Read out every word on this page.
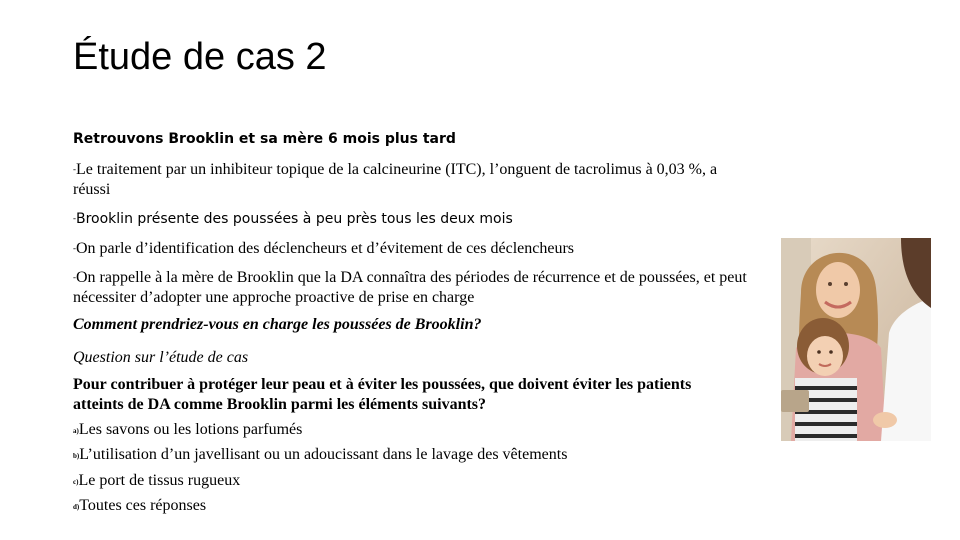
Étude de cas 2

Retrouvons Brooklin et sa mère 6 mois plus tard

-Le traitement par un inhibiteur topique de la calcineurine (ITC), l’onguent de tacrolimus à 0,03 %, a réussi
-Brooklin présente des poussées à peu près tous les deux mois
-On parle d’identification des déclencheurs et d’évitement de ces déclencheurs
-On rappelle à la mère de Brooklin que la DA connaîtra des périodes de récurrence et de poussées, et peut nécessiter d’adopter une approche proactive de prise en charge
Comment prendriez-vous en charge les poussées de Brooklin?
Question sur l’étude de cas
Pour contribuer à protéger leur peau et à éviter les poussées, que doivent éviter les patients atteints de DA comme Brooklin parmi les éléments suivants?
a)Les savons ou les lotions parfumés
b)L’utilisation d’un javellisant ou un adoucissant dans le lavage des vêtements
c)Le port de tissus rugueux
d)Toutes ces réponses
